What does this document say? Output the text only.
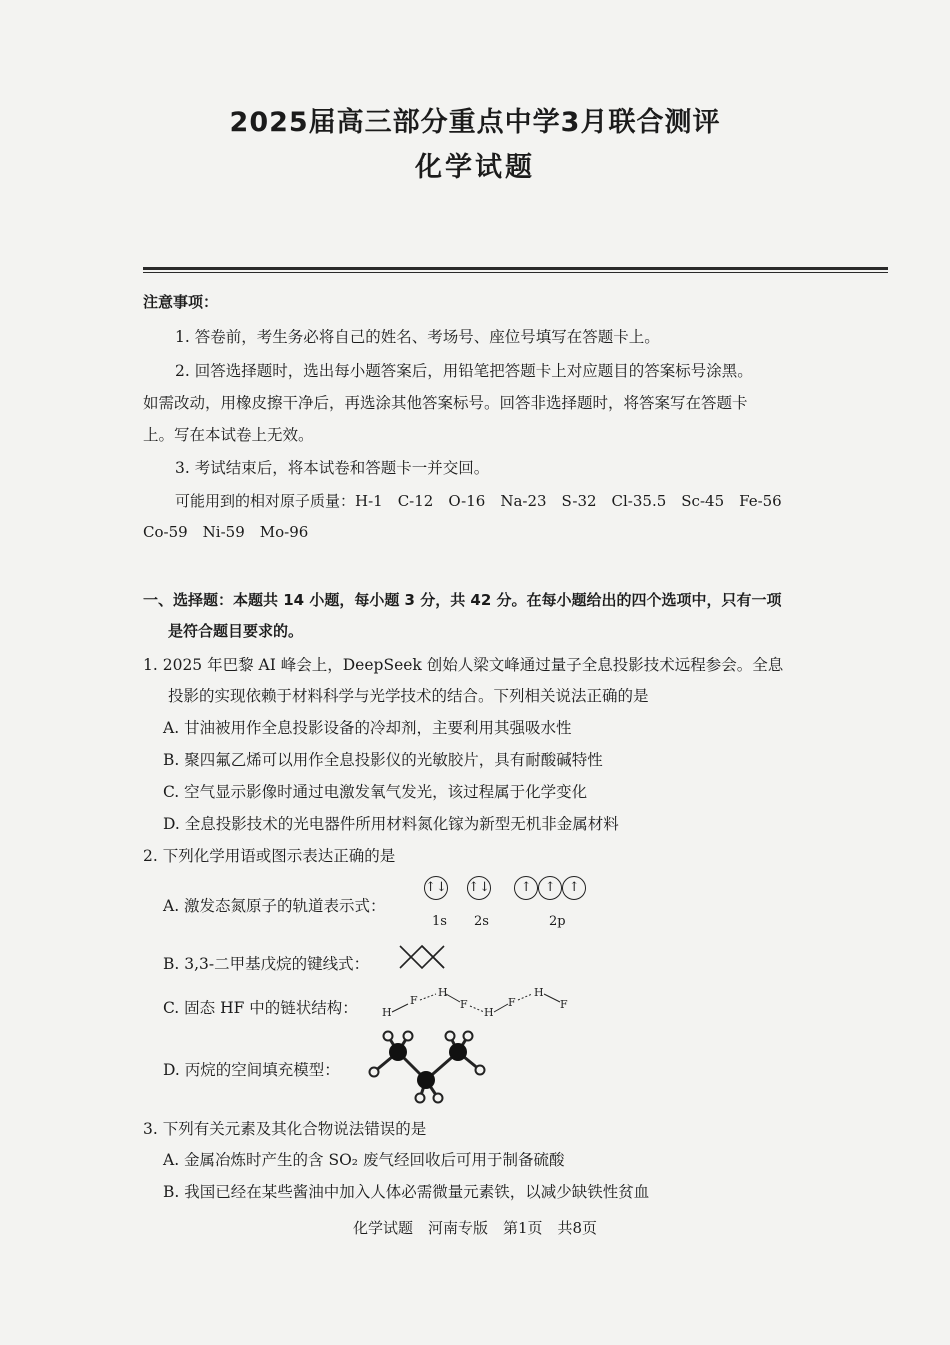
2025届高三部分重点中学3月联合测评
化学试题
注意事项：
1. 答卷前，考生务必将自己的姓名、考场号、座位号填写在答题卡上。
2. 回答选择题时，选出每小题答案后，用铅笔把答题卡上对应题目的答案标号涂黑。
如需改动，用橡皮擦干净后，再选涂其他答案标号。回答非选择题时，将答案写在答题卡
上。写在本试卷上无效。
3. 考试结束后，将本试卷和答题卡一并交回。
可能用到的相对原子质量：H-1　C-12　O-16　Na-23　S-32　Cl-35.5　Sc-45　Fe-56
Co-59　Ni-59　Mo-96
一、选择题：本题共 14 小题，每小题 3 分，共 42 分。在每小题给出的四个选项中，只有一项
是符合题目要求的。
1. 2025 年巴黎 AI 峰会上，DeepSeek 创始人梁文峰通过量子全息投影技术远程参会。全息
投影的实现依赖于材料科学与光学技术的结合。下列相关说法正确的是
A. 甘油被用作全息投影设备的冷却剂，主要利用其强吸水性
B. 聚四氟乙烯可以用作全息投影仪的光敏胶片，具有耐酸碱特性
C. 空气显示影像时通过电激发氧气发光，该过程属于化学变化
D. 全息投影技术的光电器件所用材料氮化镓为新型无机非金属材料
2. 下列化学用语或图示表达正确的是
A. 激发态氮原子的轨道表示式：
↑↓ ↑↓ ↑ ↑ ↑
1s 2s	2p
B. 3,3-二甲基戊烷的键线式：
C. 固态 HF 中的链状结构： H
F
H
F
H
F
H
F
D. 丙烷的空间填充模型：
3. 下列有关元素及其化合物说法错误的是
A. 金属冶炼时产生的含 SO₂ 废气经回收后可用于制备硫酸
B. 我国已经在某些酱油中加入人体必需微量元素铁，以减少缺铁性贫血
化学试题　河南专版　第1页　共8页
